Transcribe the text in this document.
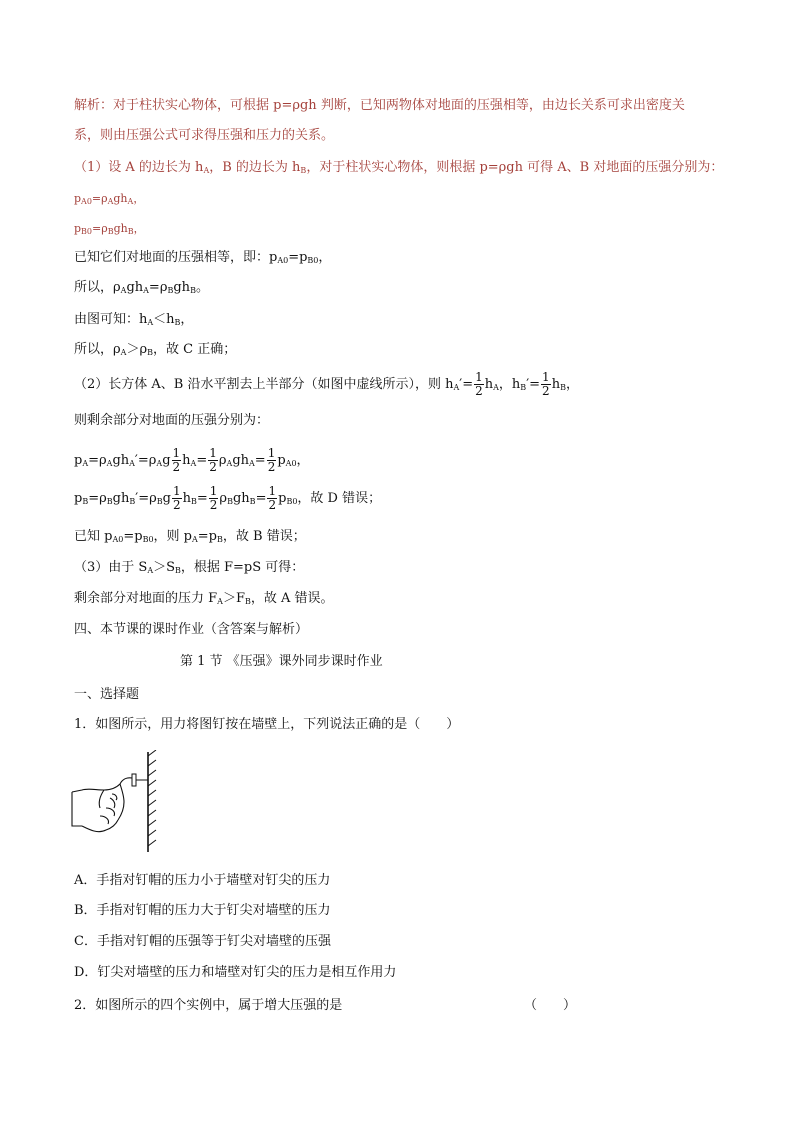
解析：对于柱状实心物体，可根据 p=ρgh 判断，已知两物体对地面的压强相等，由边长关系可求出密度关
系，则由压强公式可求得压强和压力的关系。
（1）设 A 的边长为 $h_A$，B 的边长为 $h_B$，对于柱状实心物体，则根据 p=ρgh 可得 A、B 对地面的压强分别为：
$p_{A0}=\rho_Agh_A$，
$p_{B0}=\rho_Bgh_B$，
已知它们对地面的压强相等，即：$p_{A0}=p_{B0}$，
所以，$\rho_Agh_A=\rho_Bgh_B$。
由图可知：$h_A<h_B$，
所以，$\rho_A>\rho_B$，故 C 正确；
（2）长方体 A、B 沿水平割去上半部分（如图中虚线所示），则 $h_A'= \frac{1}{2} h_A$，$h_B'= \frac{1}{2} h_B$，
则剩余部分对地面的压强分别为：
$p_A=\rho_Agh_A'=\rho_Ag \frac{1}{2} h_A= \frac{1}{2} \rho_Agh_A= \frac{1}{2} p_{A0}$，
$p_B=\rho_Bgh_B'=\rho_Bg \frac{1}{2} h_B= \frac{1}{2} \rho_Bgh_B= \frac{1}{2} p_{B0}$，故 D 错误；
已知 $p_{A0}=p_{B0}$，则 $p_A=p_B$，故 B 错误；
（3）由于 $S_A>S_B$，根据 F=pS 可得：
剩余部分对地面的压力 $F_A>F_B$，故 A 错误。
四、本节课的课时作业（含答案与解析）
第 1 节 《压强》课外同步课时作业
一、选择题
1．如图所示，用力将图钉按在墙壁上，下列说法正确的是（　　）
A．手指对钉帽的压力小于墙壁对钉尖的压力
B．手指对钉帽的压力大于钉尖对墙壁的压力
C．手指对钉帽的压强等于钉尖对墙壁的压强
D．钉尖对墙壁的压力和墙壁对钉尖的压力是相互作用力
2．如图所示的四个实例中，属于增大压强的是	（　　）
